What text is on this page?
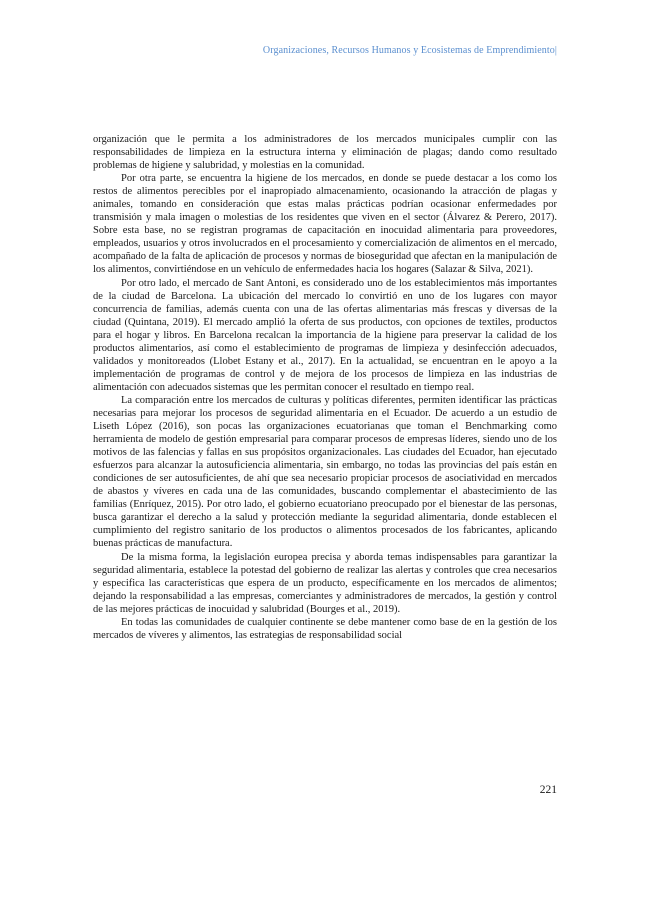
Organizaciones, Recursos Humanos y Ecosistemas de Emprendimiento|

organización que le permita a los administradores de los mercados municipales cumplir con las responsabilidades de limpieza en la estructura interna y eliminación de plagas; dando como resultado problemas de higiene y salubridad, y molestias en la comunidad.

Por otra parte, se encuentra la higiene de los mercados, en donde se puede destacar a los como los restos de alimentos perecibles por el inapropiado almacenamiento, ocasionando la atracción de plagas y animales, tomando en consideración que estas malas prácticas podrían ocasionar enfermedades por transmisión y mala imagen o molestias de los residentes que viven en el sector (Álvarez & Perero, 2017). Sobre esta base, no se registran programas de capacitación en inocuidad alimentaria para proveedores, empleados, usuarios y otros involucrados en el procesamiento y comercialización de alimentos en el mercado, acompañado de la falta de aplicación de procesos y normas de bioseguridad que afectan en la manipulación de los alimentos, convirtiéndose en un vehículo de enfermedades hacia los hogares (Salazar & Silva, 2021).

Por otro lado, el mercado de Sant Antoni, es considerado uno de los establecimientos más importantes de la ciudad de Barcelona. La ubicación del mercado lo convirtió en uno de los lugares con mayor concurrencia de familias, además cuenta con una de las ofertas alimentarias más frescas y diversas de la ciudad (Quintana, 2019). El mercado amplió la oferta de sus productos, con opciones de textiles, productos para el hogar y libros. En Barcelona recalcan la importancia de la higiene para preservar la calidad de los productos alimentarios, así como el establecimiento de programas de limpieza y desinfección adecuados, validados y monitoreados (Llobet Estany et al., 2017). En la actualidad, se encuentran en le apoyo a la implementación de programas de control y de mejora de los procesos de limpieza en las industrias de alimentación con adecuados sistemas que les permitan conocer el resultado en tiempo real.

La comparación entre los mercados de culturas y políticas diferentes, permiten identificar las prácticas necesarias para mejorar los procesos de seguridad alimentaria en el Ecuador. De acuerdo a un estudio de Liseth López (2016), son pocas las organizaciones ecuatorianas que toman el Benchmarking como herramienta de modelo de gestión empresarial para comparar procesos de empresas líderes, siendo uno de los motivos de las falencias y fallas en sus propósitos organizacionales. Las ciudades del Ecuador, han ejecutado esfuerzos para alcanzar la autosuficiencia alimentaria, sin embargo, no todas las provincias del país están en condiciones de ser autosuficientes, de ahí que sea necesario propiciar procesos de asociatividad en mercados de abastos y víveres en cada una de las comunidades, buscando complementar el abastecimiento de las familias (Enríquez, 2015). Por otro lado, el gobierno ecuatoriano preocupado por el bienestar de las personas, busca garantizar el derecho a la salud y protección mediante la seguridad alimentaria, donde establecen el cumplimiento del registro sanitario de los productos o alimentos procesados de los fabricantes, aplicando buenas prácticas de manufactura.

De la misma forma, la legislación europea precisa y aborda temas indispensables para garantizar la seguridad alimentaria, establece la potestad del gobierno de realizar las alertas y controles que crea necesarios y especifica las características que espera de un producto, específicamente en los mercados de alimentos; dejando la responsabilidad a las empresas, comerciantes y administradores de mercados, la gestión y control de las mejores prácticas de inocuidad y salubridad (Bourges et al., 2019).

En todas las comunidades de cualquier continente se debe mantener como base de en la gestión de los mercados de víveres y alimentos, las estrategias de responsabilidad social

221
